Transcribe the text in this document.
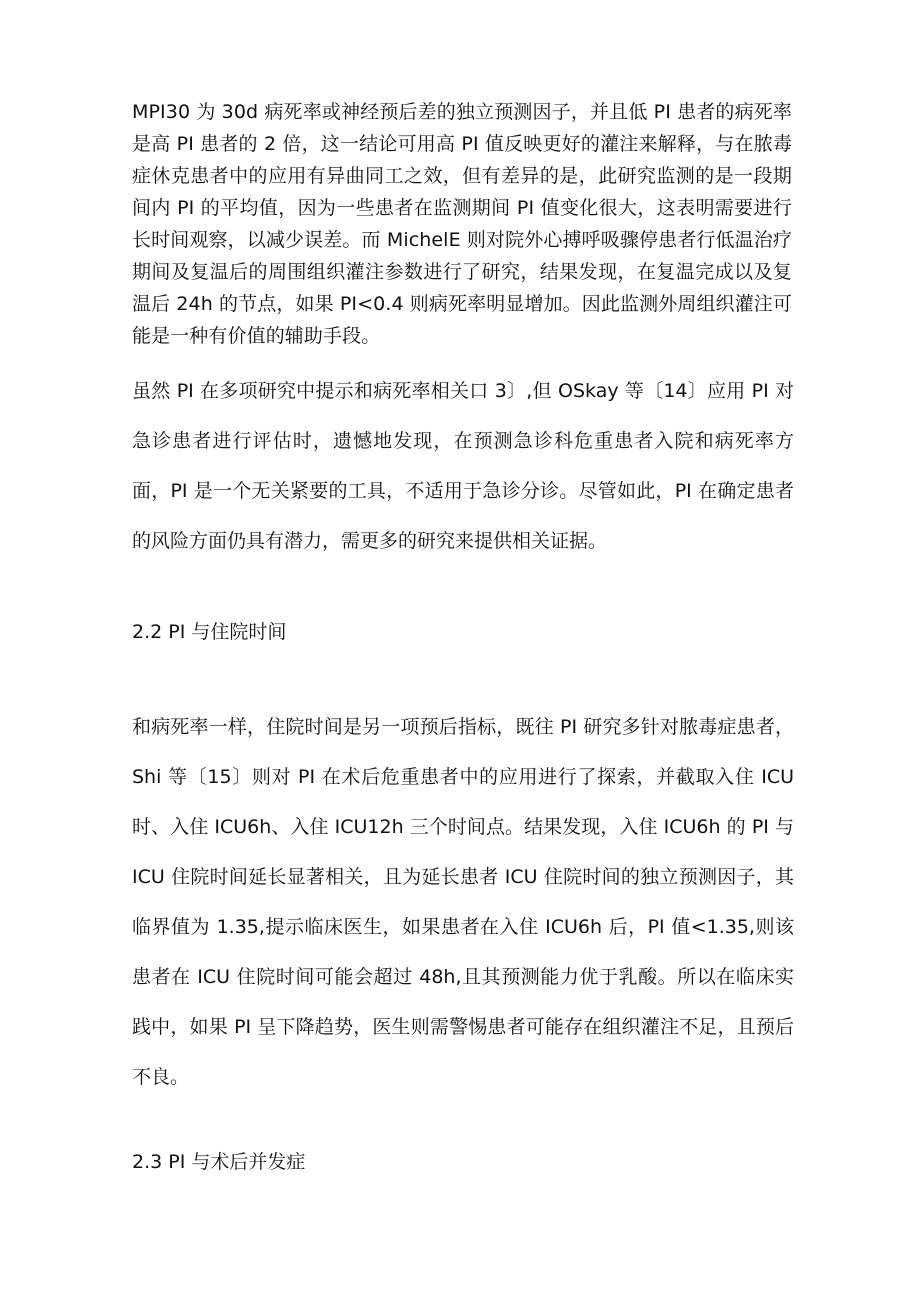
MPI30 为 30d 病死率或神经预后差的独立预测因子，并且低 PI 患者的病死率是高 PI 患者的 2 倍，这一结论可用高 PI 值反映更好的灌注来解释，与在脓毒症休克患者中的应用有异曲同工之效，但有差异的是，此研究监测的是一段期间内 PI 的平均值，因为一些患者在监测期间 PI 值变化很大，这表明需要进行长时间观察，以减少误差。而 MichelE 则对院外心搏呼吸骤停患者行低温治疗期间及复温后的周围组织灌注参数进行了研究，结果发现，在复温完成以及复温后 24h 的节点，如果 PI<0.4 则病死率明显增加。因此监测外周组织灌注可能是一种有价值的辅助手段。

虽然 PI 在多项研究中提示和病死率相关口 3〕,但 OSkay 等〔14〕应用 PI 对急诊患者进行评估时，遗憾地发现，在预测急诊科危重患者入院和病死率方面，PI 是一个无关紧要的工具，不适用于急诊分诊。尽管如此，PI 在确定患者的风险方面仍具有潜力，需更多的研究来提供相关证据。

2.2 PI 与住院时间

和病死率一样，住院时间是另一项预后指标，既往 PI 研究多针对脓毒症患者，Shi 等〔15〕则对 PI 在术后危重患者中的应用进行了探索，并截取入住 ICU 时、入住 ICU6h、入住 ICU12h 三个时间点。结果发现，入住 ICU6h 的 PI 与 ICU 住院时间延长显著相关，且为延长患者 ICU 住院时间的独立预测因子，其临界值为 1.35,提示临床医生，如果患者在入住 ICU6h 后，PI 值<1.35,则该患者在 ICU 住院时间可能会超过 48h,且其预测能力优于乳酸。所以在临床实践中，如果 PI 呈下降趋势，医生则需警惕患者可能存在组织灌注不足，且预后不良。

2.3 PI 与术后并发症
